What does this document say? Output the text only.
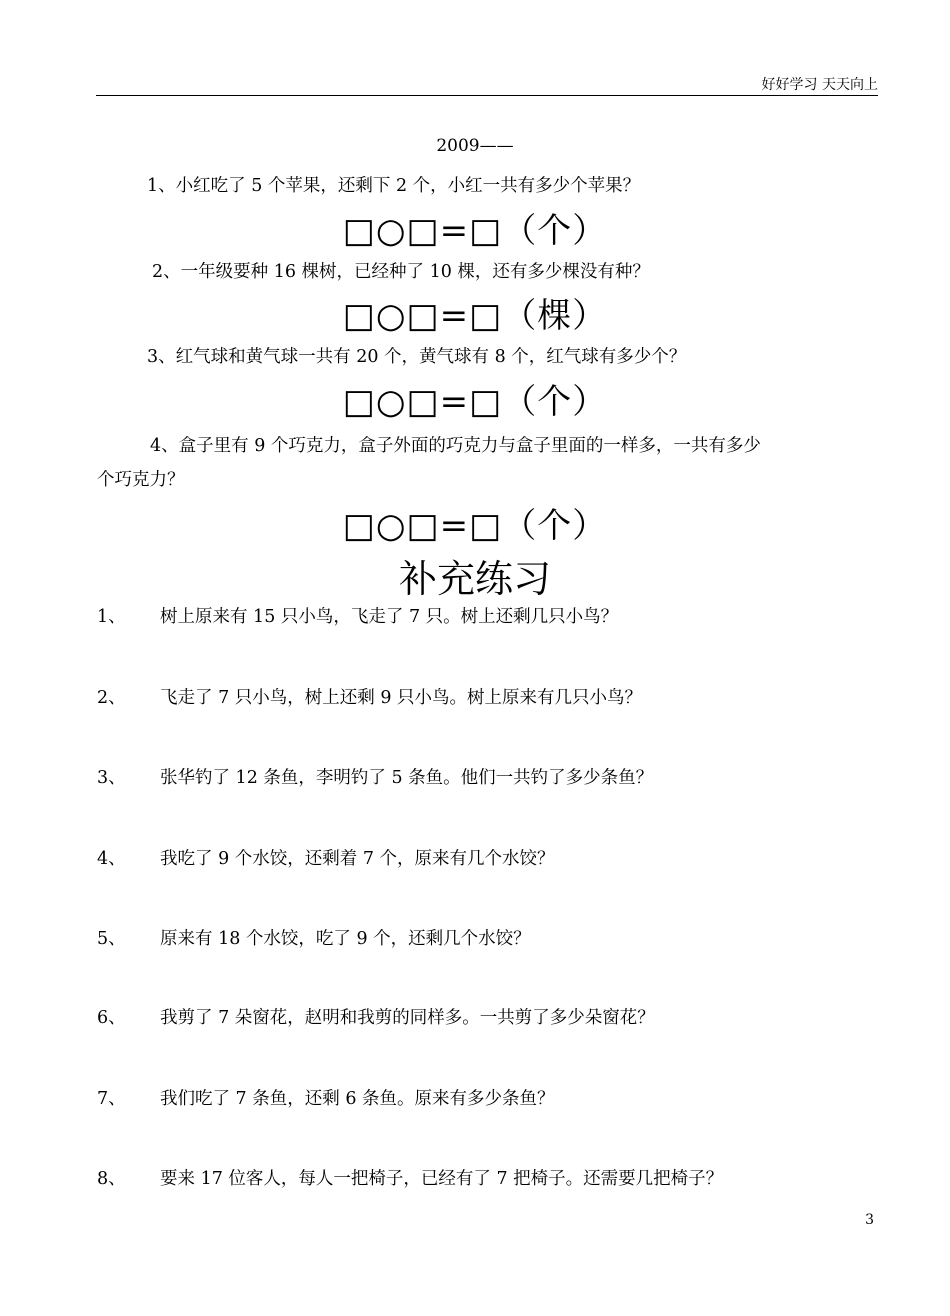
好好学习 天天向上
2009——
1、小红吃了 5 个苹果，还剩下 2 个，小红一共有多少个苹果？
□○□=□（个）
2、一年级要种 16 棵树，已经种了 10 棵，还有多少棵没有种？
□○□=□（棵）
3、红气球和黄气球一共有 20 个，黄气球有 8 个，红气球有多少个？
□○□=□（个）
4、盒子里有 9 个巧克力，盒子外面的巧克力与盒子里面的一样多，一共有多少
个巧克力？
□○□=□（个）
补充练习
1、 树上原来有 15 只小鸟，飞走了 7 只。树上还剩几只小鸟？
2、 飞走了 7 只小鸟，树上还剩 9 只小鸟。树上原来有几只小鸟？
3、 张华钓了 12 条鱼，李明钓了 5 条鱼。他们一共钓了多少条鱼？
4、 我吃了 9 个水饺，还剩着 7 个，原来有几个水饺？
5、 原来有 18 个水饺，吃了 9 个，还剩几个水饺？
6、 我剪了 7 朵窗花，赵明和我剪的同样多。一共剪了多少朵窗花？
7、 我们吃了 7 条鱼，还剩 6 条鱼。原来有多少条鱼？
8、 要来 17 位客人，每人一把椅子，已经有了 7 把椅子。还需要几把椅子？
3
